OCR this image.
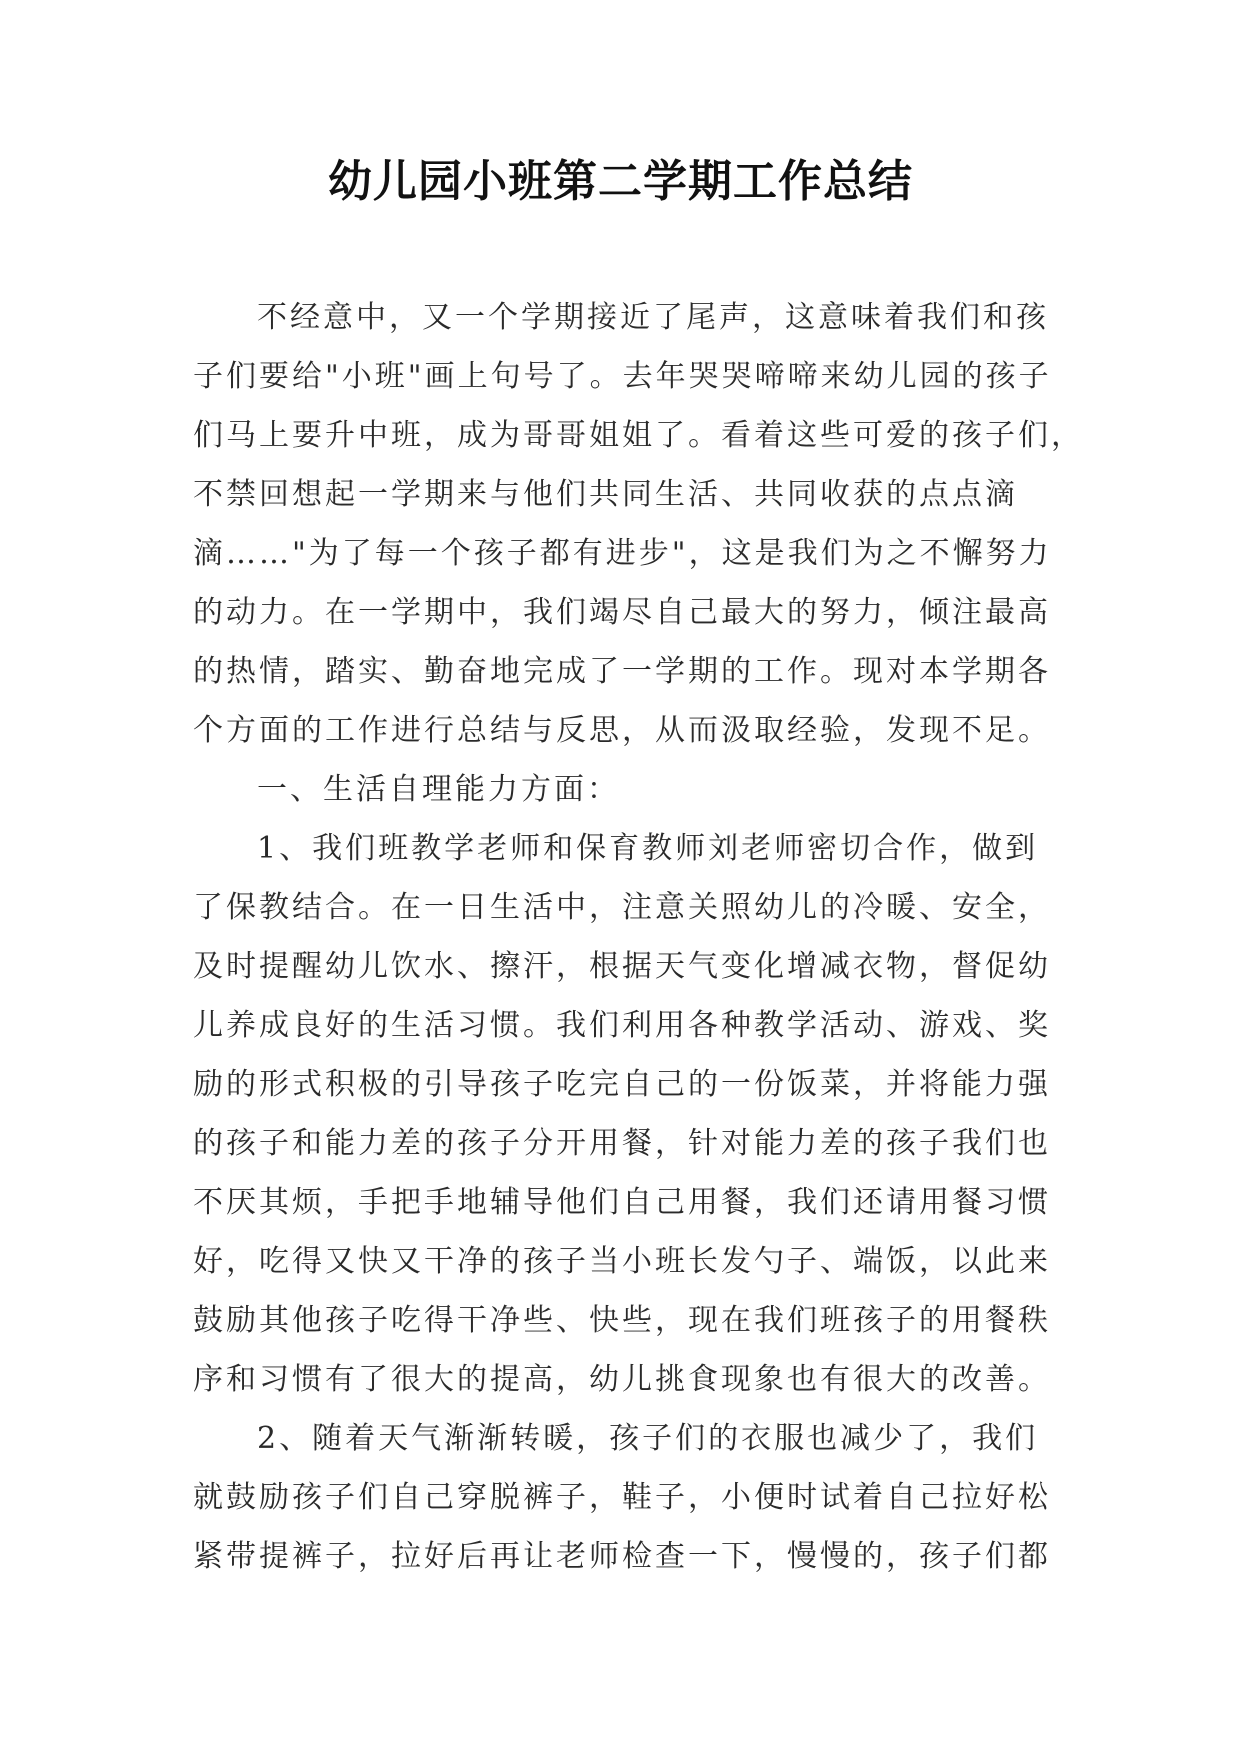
幼儿园小班第二学期工作总结
不经意中，又一个学期接近了尾声，这意味着我们和孩
子们要给"小班"画上句号了。去年哭哭啼啼来幼儿园的孩子
们马上要升中班，成为哥哥姐姐了。看着这些可爱的孩子们，
不禁回想起一学期来与他们共同生活、共同收获的点点滴
滴……"为了每一个孩子都有进步"，这是我们为之不懈努力
的动力。在一学期中，我们竭尽自己最大的努力，倾注最高
的热情，踏实、勤奋地完成了一学期的工作。现对本学期各
个方面的工作进行总结与反思，从而汲取经验，发现不足。
一、生活自理能力方面：
1、我们班教学老师和保育教师刘老师密切合作，做到
了保教结合。在一日生活中，注意关照幼儿的冷暖、安全，
及时提醒幼儿饮水、擦汗，根据天气变化增减衣物，督促幼
儿养成良好的生活习惯。我们利用各种教学活动、游戏、奖
励的形式积极的引导孩子吃完自己的一份饭菜，并将能力强
的孩子和能力差的孩子分开用餐，针对能力差的孩子我们也
不厌其烦，手把手地辅导他们自己用餐，我们还请用餐习惯
好，吃得又快又干净的孩子当小班长发勺子、端饭，以此来
鼓励其他孩子吃得干净些、快些，现在我们班孩子的用餐秩
序和习惯有了很大的提高，幼儿挑食现象也有很大的改善。
2、随着天气渐渐转暖，孩子们的衣服也减少了，我们
就鼓励孩子们自己穿脱裤子，鞋子，小便时试着自己拉好松
紧带提裤子，拉好后再让老师检查一下，慢慢的，孩子们都
